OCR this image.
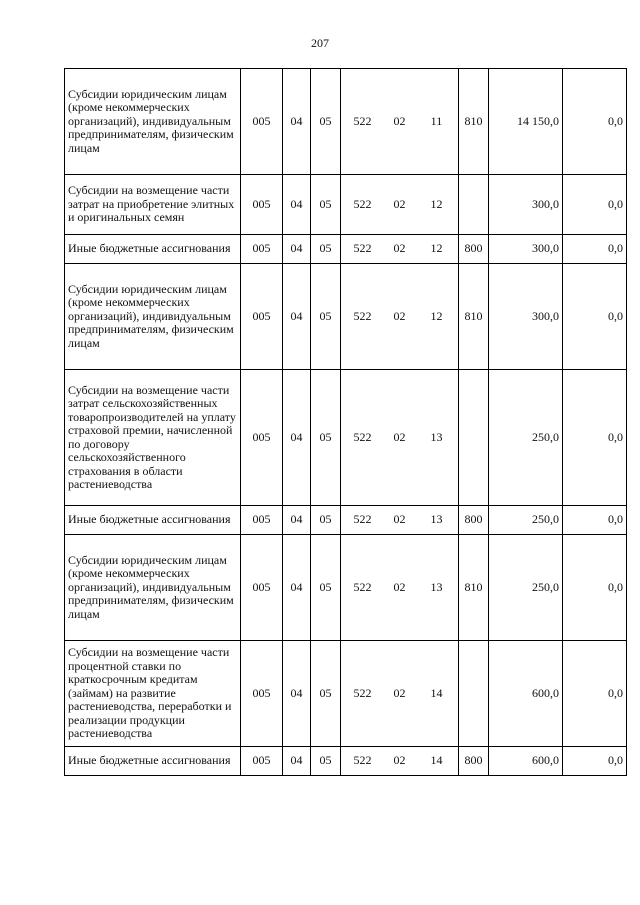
207
Субсидии юридическим лицам (кроме некоммерческих организаций), индивидуальным предпринимателям, физическим лицам	005	04	05	522 02 11	810	14 150,0	0,0
Субсидии на возмещение части затрат на приобретение элитных и оригинальных семян	005	04	05	522 02 12		300,0	0,0
Иные бюджетные ассигнования	005	04	05	522 02 12	800	300,0	0,0
Субсидии юридическим лицам (кроме некоммерческих организаций), индивидуальным предпринимателям, физическим лицам	005	04	05	522 02 12	810	300,0	0,0
Субсидии на возмещение части затрат сельскохозяйственных товаропроизводителей на уплату страховой премии, начисленной по договору сельскохозяйственного страхования в области растениеводства	005	04	05	522 02 13		250,0	0,0
Иные бюджетные ассигнования	005	04	05	522 02 13	800	250,0	0,0
Субсидии юридическим лицам (кроме некоммерческих организаций), индивидуальным предпринимателям, физическим лицам	005	04	05	522 02 13	810	250,0	0,0
Субсидии на возмещение части процентной ставки по краткосрочным кредитам (займам) на развитие растениеводства, переработки и реализации продукции растениеводства	005	04	05	522 02 14		600,0	0,0
Иные бюджетные ассигнования	005	04	05	522 02 14	800	600,0	0,0
